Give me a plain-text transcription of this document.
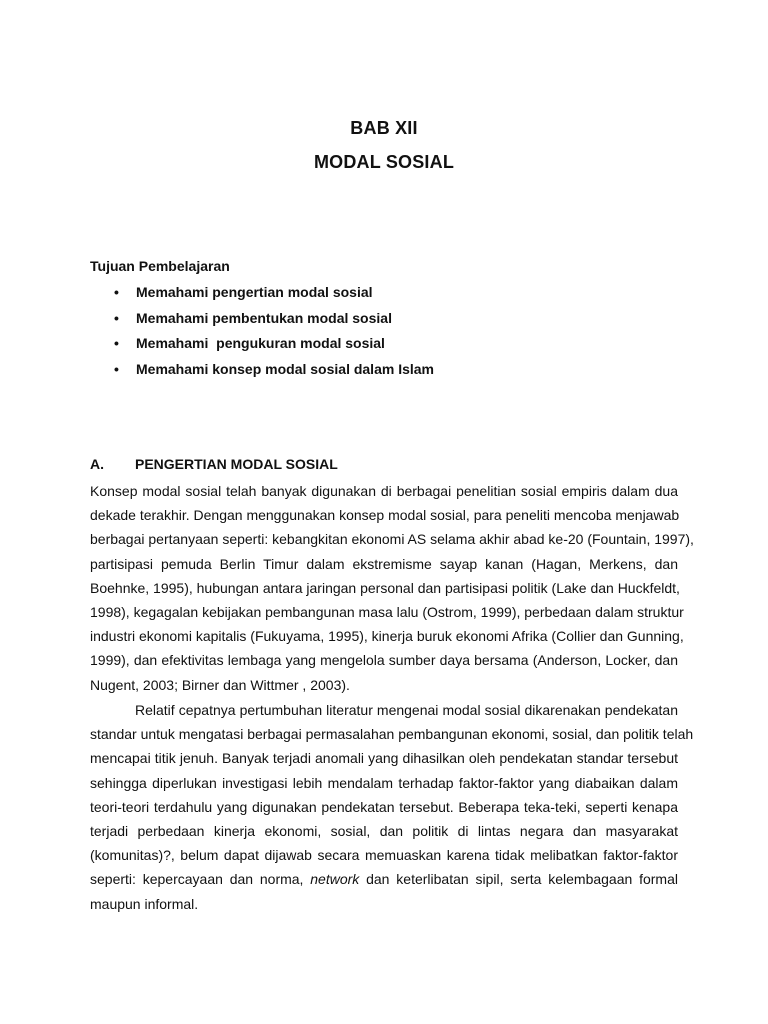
BAB XII
MODAL SOSIAL
Tujuan Pembelajaran
• Memahami pengertian modal sosial
• Memahami pembentukan modal sosial
• Memahami  pengukuran modal sosial
• Memahami konsep modal sosial dalam Islam
A. PENGERTIAN MODAL SOSIAL
Konsep modal sosial telah banyak digunakan di berbagai penelitian sosial empiris dalam dua
dekade terakhir. Dengan menggunakan konsep modal sosial, para peneliti mencoba menjawab
berbagai pertanyaan seperti: kebangkitan ekonomi AS selama akhir abad ke-20 (Fountain, 1997),
partisipasi pemuda Berlin Timur dalam ekstremisme sayap kanan (Hagan, Merkens, dan
Boehnke, 1995), hubungan antara jaringan personal dan partisipasi politik (Lake dan Huckfeldt,
1998), kegagalan kebijakan pembangunan masa lalu (Ostrom, 1999), perbedaan dalam struktur
industri ekonomi kapitalis (Fukuyama, 1995), kinerja buruk ekonomi Afrika (Collier dan Gunning,
1999), dan efektivitas lembaga yang mengelola sumber daya bersama (Anderson, Locker, dan
Nugent, 2003; Birner dan Wittmer , 2003).
Relatif cepatnya pertumbuhan literatur mengenai modal sosial dikarenakan pendekatan
standar untuk mengatasi berbagai permasalahan pembangunan ekonomi, sosial, dan politik telah
mencapai titik jenuh. Banyak terjadi anomali yang dihasilkan oleh pendekatan standar tersebut
sehingga diperlukan investigasi lebih mendalam terhadap faktor-faktor yang diabaikan dalam
teori-teori terdahulu yang digunakan pendekatan tersebut. Beberapa teka-teki, seperti kenapa
terjadi perbedaan kinerja ekonomi, sosial, dan politik di lintas negara dan masyarakat
(komunitas)?, belum dapat dijawab secara memuaskan karena tidak melibatkan faktor-faktor
seperti: kepercayaan dan norma, network dan keterlibatan sipil, serta kelembagaan formal
maupun informal.
